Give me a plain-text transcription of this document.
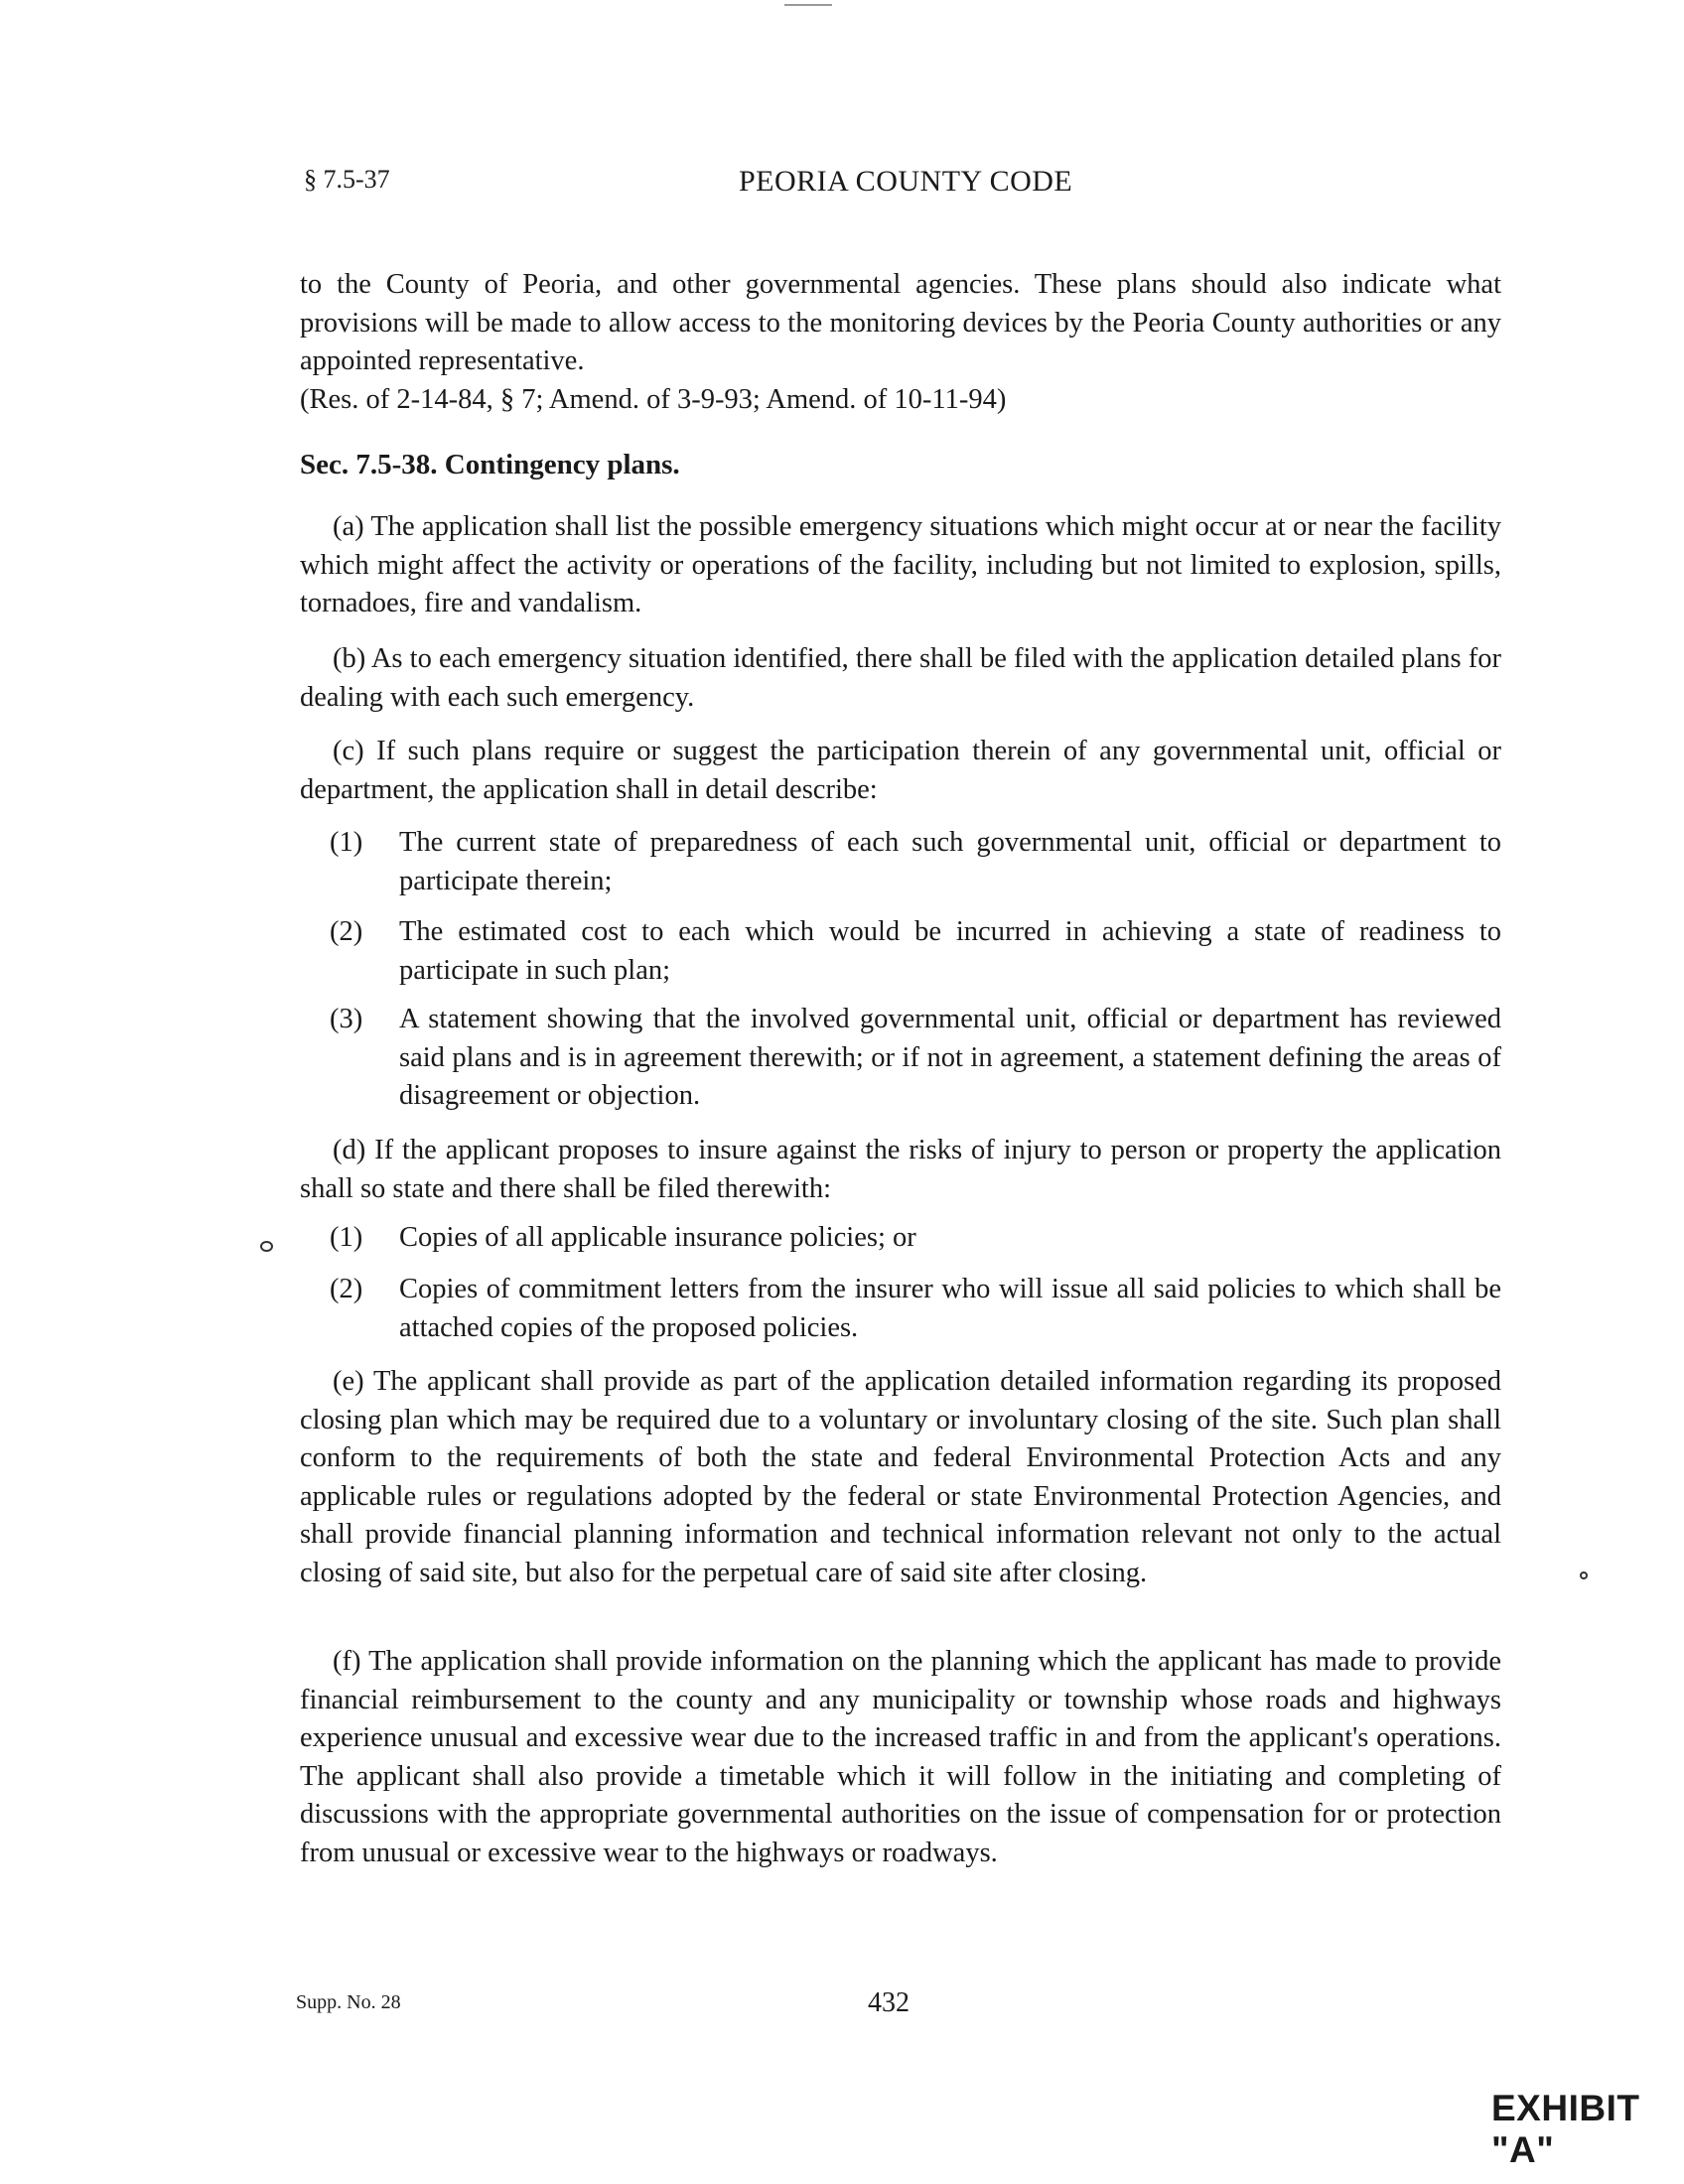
§ 7.5-37	PEORIA COUNTY CODE
to the County of Peoria, and other governmental agencies. These plans should also indicate what provisions will be made to allow access to the monitoring devices by the Peoria County authorities or any appointed representative.
(Res. of 2-14-84, § 7; Amend. of 3-9-93; Amend. of 10-11-94)
Sec. 7.5-38. Contingency plans.
(a) The application shall list the possible emergency situations which might occur at or near the facility which might affect the activity or operations of the facility, including but not limited to explosion, spills, tornadoes, fire and vandalism.
(b) As to each emergency situation identified, there shall be filed with the application detailed plans for dealing with each such emergency.
(c) If such plans require or suggest the participation therein of any governmental unit, official or department, the application shall in detail describe:
(1) The current state of preparedness of each such governmental unit, official or department to participate therein;
(2) The estimated cost to each which would be incurred in achieving a state of readiness to participate in such plan;
(3) A statement showing that the involved governmental unit, official or department has reviewed said plans and is in agreement therewith; or if not in agreement, a statement defining the areas of disagreement or objection.
(d) If the applicant proposes to insure against the risks of injury to person or property the application shall so state and there shall be filed therewith:
(1) Copies of all applicable insurance policies; or
(2) Copies of commitment letters from the insurer who will issue all said policies to which shall be attached copies of the proposed policies.
(e) The applicant shall provide as part of the application detailed information regarding its proposed closing plan which may be required due to a voluntary or involuntary closing of the site. Such plan shall conform to the requirements of both the state and federal Environmental Protection Acts and any applicable rules or regulations adopted by the federal or state Environmental Protection Agencies, and shall provide financial planning information and technical information relevant not only to the actual closing of said site, but also for the perpetual care of said site after closing.
(f) The application shall provide information on the planning which the applicant has made to provide financial reimbursement to the county and any municipality or township whose roads and highways experience unusual and excessive wear due to the increased traffic in and from the applicant's operations. The applicant shall also provide a timetable which it will follow in the initiating and completing of discussions with the appropriate governmental authorities on the issue of compensation for or protection from unusual or excessive wear to the highways or roadways.
Supp. No. 28	432
EXHIBIT "A"
